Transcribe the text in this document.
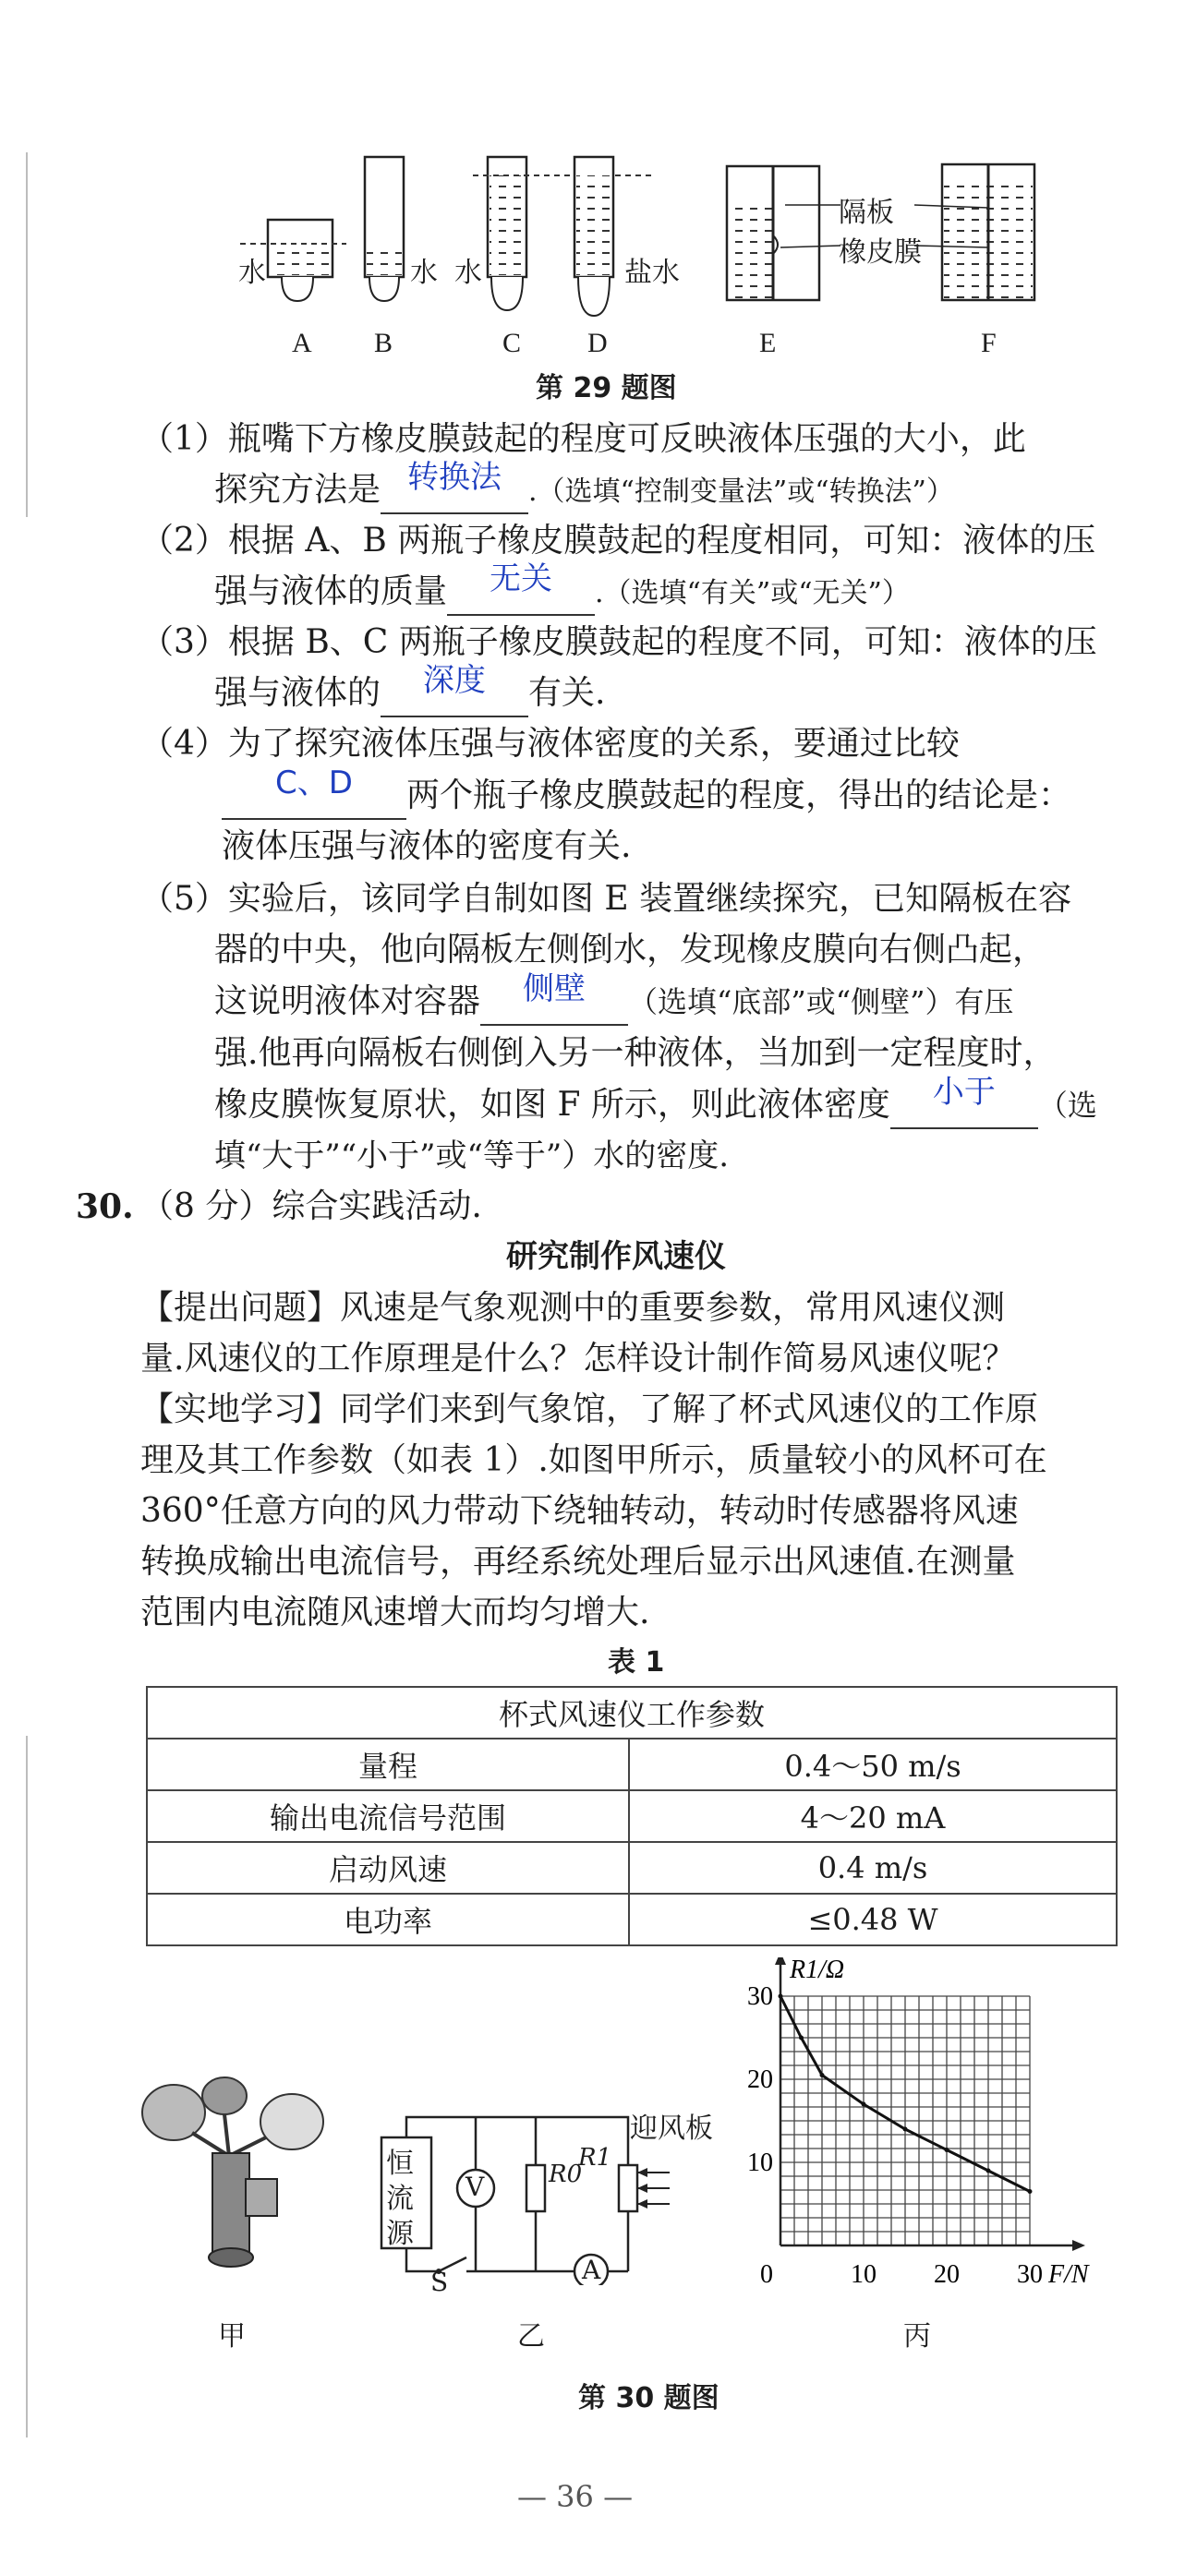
水	水 水	盐水
隔板
橡皮膜
A B	C D	E	F
第 29 题图
（1）瓶嘴下方橡皮膜鼓起的程度可反映液体压强的大小，此
探究方法是 转换法 .（选填“控制变量法”或“转换法”）
（2）根据 A、B 两瓶子橡皮膜鼓起的程度相同，可知：液体的压
强与液体的质量	无关	.（选填“有关”或“无关”）
（3）根据 B、C 两瓶子橡皮膜鼓起的程度不同，可知：液体的压
强与液体的	深度	有关.
（4）为了探究液体压强与液体密度的关系，要通过比较
C、D	两个瓶子橡皮膜鼓起的程度，得出的结论是：
液体压强与液体的密度有关.
（5）实验后，该同学自制如图 E 装置继续探究，已知隔板在容
器的中央，他向隔板左侧倒水，发现橡皮膜向右侧凸起，
这说明液体对容器	侧壁	（选填“底部”或“侧壁”）有压
强.他再向隔板右侧倒入另一种液体，当加到一定程度时，
橡皮膜恢复原状，如图 F 所示，则此液体密度	小于	（选
填“大于”“小于”或“等于”）水的密度.
30. （8 分）综合实践活动.
研究制作风速仪
【提出问题】风速是气象观测中的重要参数，常用风速仪测
量.风速仪的工作原理是什么？怎样设计制作简易风速仪呢？
【实地学习】同学们来到气象馆，了解了杯式风速仪的工作原
理及其工作参数（如表 1）.如图甲所示，质量较小的风杯可在
360°任意方向的风力带动下绕轴转动，转动时传感器将风速
转换成输出电流信号，再经系统处理后显示出风速值.在测量
范围内电流随风速增大而均匀增大.
表 1
杯式风速仪工作参数	
量程	0.4～50 m/s
输出电流信号范围	4～20 mA
启动风速	0.4 m/s
电功率	≤0.48 W
恒流源
V
A
R0
R1
S
迎风板
10 20 30
10
20
30
0	F/N
R1/Ω
甲	乙	丙
第 30 题图
— 36 —
